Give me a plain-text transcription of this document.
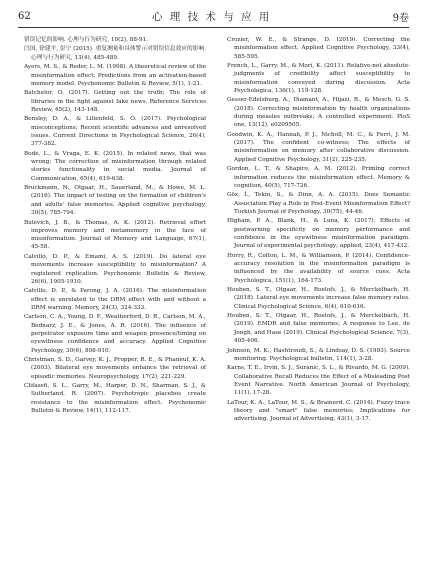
62	心 理 技 术 与 应 用	9卷

错误记忆的影响. 心理与行为研究, 10(2), 88-91.

闫国, 徐建平, 彭宁 (2015). 重复测量和具体警示对错误信息效应的影响. 心理与行为研究, 13(4), 485-489.

Ayers, M. S., & Reder, L. M. (1998). A theoretical review of the misinformation effect; Predictions from an activation-based memory model. Psychonomic Bulletin & Review, 5(1), 1-21.

Batchelor, O. (2017). Getting out the truth; The role of libraries in the fight against fake news. Reference Services Review, 45(2), 143-148.

Bensley, D. A., & Lilienfeld, S. O. (2017). Psychological misconceptions; Recent scientific advances and unresolved issues. Current Directions in Psychological Science, 26(4), 377-382.

Bode, L., & Vraga, E. K. (2015). In related news, that was wrong; The correction of misinformation through related stories functionality in social media. Journal of Communication, 65(4), 619-638.

Bruckmann, N., Otgaar, H., Sauerland, M., & Howe, M. L. (2016). The impact of testing on the formation of children's and adults' false memories. Applied cognitive psychology, 30(5), 785-794.

Bulevich, J. B., & Thomas, A. K. (2012). Retrieval effort improves memory and metamemory in the face of misinformation. Journal of Memory and Language, 67(1), 45-58.

Calvillo, D. P., & Emami, A. S. (2019). Do lateral eye movements increase susceptibility to misinformation? A registered replication. Psychonomic Bulletin & Review, 26(6), 1905-1910.

Calvillo, D. P., & Parong, J. A. (2016). The misinformation effect is unrelated to the DRM effect with and without a DRM warning. Memory, 24(3), 324-333.

Carlson, C. A., Young, D. F., Weatherford, D. R., Carlson, M. A., Bednarz, J. E., & Jones, A. R. (2016). The influence of perpetrator exposure time and weapon presence/timing on eyewitness confidence and accuracy. Applied Cognitive Psychology, 30(6), 898-910.

Christman, S. D., Garvey, K. J., Propper, R. E., & Phaneuf, K. A. (2003). Bilateral eye movements enhance the retrieval of episodic memories. Neuropsychology, 17(2), 221-229.

Clifasefi, S. L., Garry, M., Harper, D. N., Sharman, S. J., & Sutherland, R. (2007). Psychotropic placebos create resistance to the misinformation effect. Psychonomic Bulletin & Review, 14(1), 112-117.

Crozier, W. E., & Strange, D. (2019). Correcting the misinformation effect. Applied Cognitive Psychology, 33(4), 585-595.

French, L., Garry, M., & Mori, K. (2011). Relative-not absolute-judgments of credibility affect susceptibility to misinformation conveyed during discussion. Acta Psychologica, 136(1), 119-128.

Gesser-Edelsburg, A., Diamant, A., Hijazi, R., & Mesch, G. S. (2018). Correcting misinformation by health organizations during measles outbreaks; A controlled experiment. PloS one, 13(12), e0209505.

Goodwin, K. A., Hannah, P. J., Nicholl, M. C., & Ferri, J. M. (2017). The confident co-witness; The effects of misinformation on memory after collaborative discussion. Applied Cognitive Psychology, 31(2), 225-235.

Gordon, L. T., & Shapiro, A. M. (2012). Priming correct information reduces the misinformation effect. Memory & cognition, 40(5), 717-726.

Göz, İ., Tekin, S., & Dinn, A. A. (2015). Does Semantic Association Play a Role in Post-Event Misinformation Effect? Turkish Journal of Psychology, 30(75), 44-46.

Higham, P. A., Blank, H., & Luna, K. (2017). Effects of postwarning specificity on memory performance and confidence in the eyewitness misinformation paradigm. Journal of experimental psychology; applied, 23(4), 417-432.

Horry, R., Colton, L. M., & Williamson, P. (2014). Confidence-accuracy resolution in the misinformation paradigm is influenced by the availability of source cues. Acta Psychologica, 151(1), 164-173.

Houben, S. T., Otgaar, H., Roelofs, J., & Merckelbach, H. (2018). Lateral eye movements increase false memory rates. Clinical Psychological Science, 6(4), 610-616.

Houben, S. T., Otgaar, H., Roelofs, J., & Merckelbach, H. (2019). EMDR and false memories; A response to Lee, de Jongh, and Hase (2019). Clinical Psychological Science, 7(3), 405-406.

Johnson, M. K., Hashtroudi, S., & Lindsay, D. S. (1993). Source monitoring. Psychological bulletin, 114(1), 3-28.

Karns, T. E., Irvin, S. J., Suranic, S. L., & Rivardo, M. G. (2009). Collaborative Recall Reduces the Effect of a Misleading Post Event Narrative. North American Journal of Psychology, 11(1), 17-28.

LaTour, K. A., LaTour, M. S., & Brainerd, C. (2014). Fuzzy trace theory and "smart" false memories; Implications for advertising. Journal of Advertising, 43(1), 3-17.
